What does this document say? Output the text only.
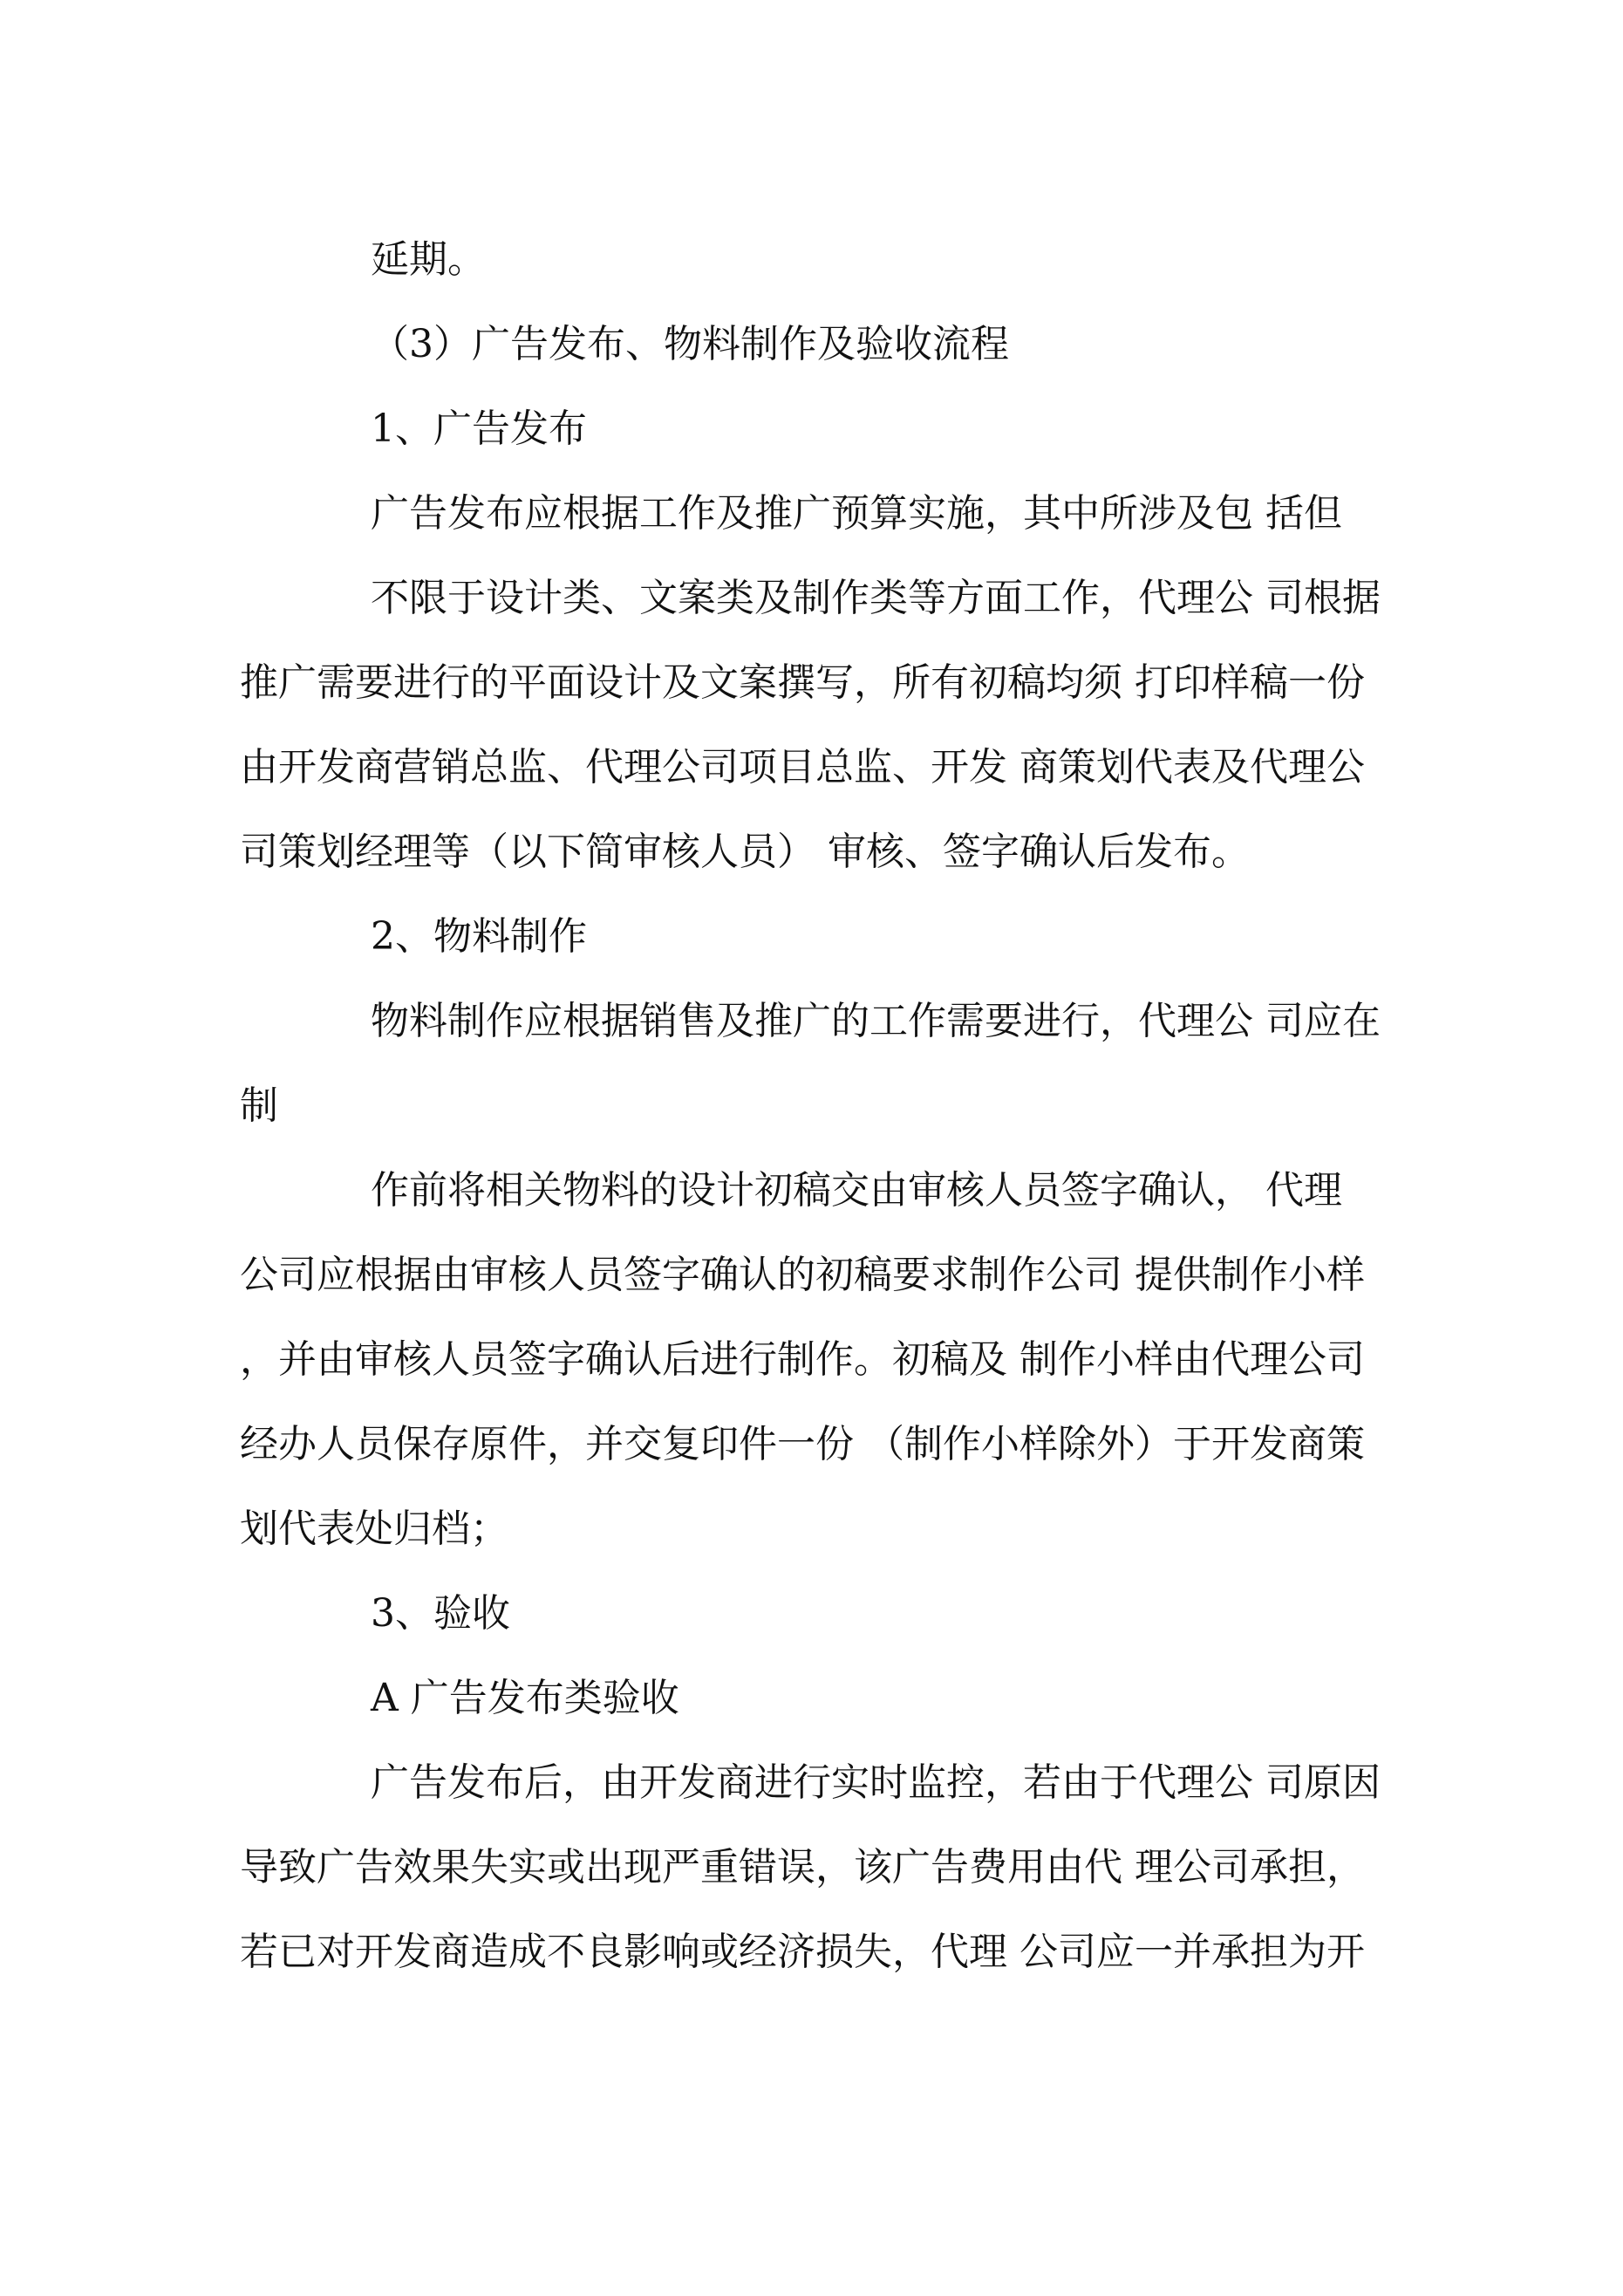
延期。
（3）广告发布、物料制作及验收流程
1、广告发布
广告发布应根据工作及推广预算实施，其中所涉及包 括但
不限于设计类、文案类及制作类等方面工作，代理公 司根据
推广需要进行的平面设计及文案撰写，所有初稿均须 打印样稿一份
由开发商营销总监、代理公司项目总监、开发 商策划代表及代理公
司策划经理等（以下简审核人员） 审核、签字确认后发布。
2、物料制作
物料制作应根据销售及推广的工作需要进行，代理公 司应在
制
作前将相关物料的设计初稿交由审核人员签字确认， 代理
公司应根据由审核人员签字确认的初稿要求制作公司 提供制作小样
，并由审核人员签字确认后进行制作。初稿及 制作小样由代理公司
经办人员保存原件，并交复印件一份 （制作小样除外）于开发商策
划代表处归档；
3、验收
A 广告发布类验收
广告发布后，由开发商进行实时监控，若由于代理公 司原因
导致广告效果失实或出现严重错误，该广告费用由代 理公司承担，
若已对开发商造成不良影响或经济损失，代理 公司应一并承担为开
